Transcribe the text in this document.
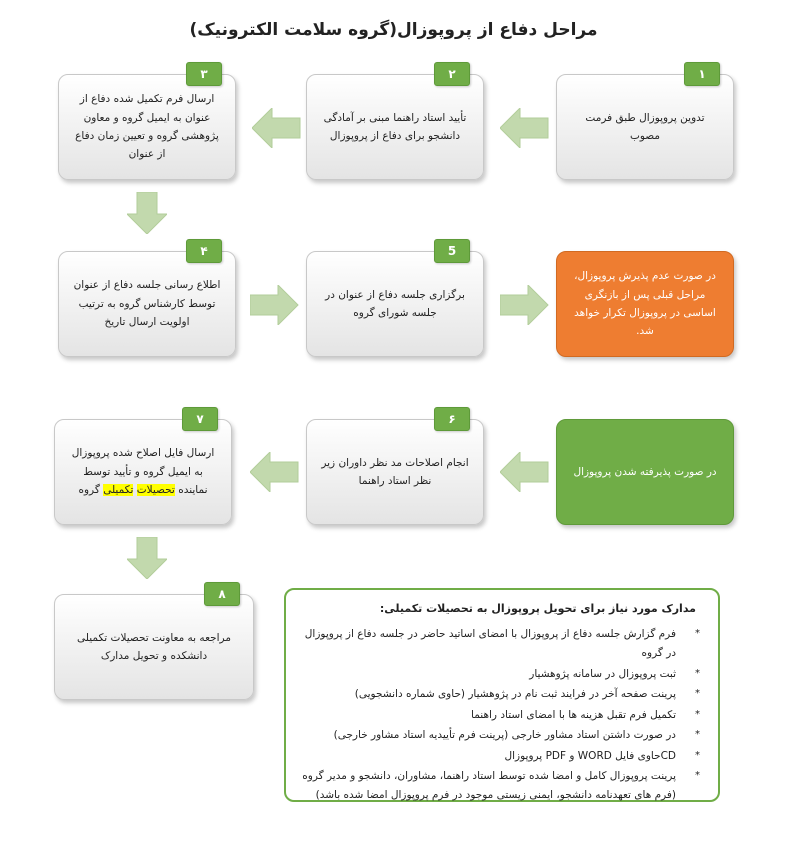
مراحل دفاع از پروپوزال(گروه سلامت الکترونیک)
تدوین پروپوزال طبق فرمت مصوب
١
تأیید استاد راهنما مبنی بر آمادگی دانشجو برای دفاع از پروپوزال
٢
ارسال فرم تکمیل شده دفاع از عنوان به ایمیل گروه و معاون پژوهشی گروه و تعیین زمان دفاع از عنوان
٣
اطلاع رسانی جلسه دفاع از عنوان توسط کارشناس گروه به ترتیب اولویت ارسال تاریخ
۴
برگزاری جلسه دفاع از عنوان در جلسه شورای گروه
5
در صورت عدم پذیرش پروپوزال، مراحل قبلی پس از بازنگری اساسی در پروپوزال تکرار خواهد شد.
در صورت پذیرفته شدن پروپوزال
انجام اصلاحات مد نظر داوران زیر نظر استاد راهنما
۶
ارسال فایل اصلاح شده پروپوزال به ایمیل گروه و تأیید توسط نماینده تحصیلات تکمیلی گروه
٧
مراجعه به معاونت تحصیلات تکمیلی دانشکده و تحویل مدارک
٨
مدارک مورد نیاز برای تحویل پروپوزال به تحصیلات تکمیلی:
*
فرم گزارش جلسه دفاع از پروپوزال با امضای اساتید حاضر در جلسه دفاع از پروپوزال در گروه
*
ثبت پروپوزال در سامانه پژوهشیار
*
پرینت صفحه آخر در فرایند ثبت نام در پژوهشیار (حاوی شماره دانشجویی)
*
تکمیل فرم تقبل هزینه ها با امضای استاد راهنما
*
در صورت داشتن استاد مشاور خارجی (پرینت فرم تأییدیه استاد مشاور خارجی)
*
CDحاوی فایل WORD و PDF پروپوزال
*
پرینت پروپوزال کامل و امضا شده توسط استاد راهنما، مشاوران، دانشجو و مدیر گروه (فرم های تعهدنامه دانشجو، ایمنی زیستی موجود در فرم پروپوزال امضا شده باشد)
